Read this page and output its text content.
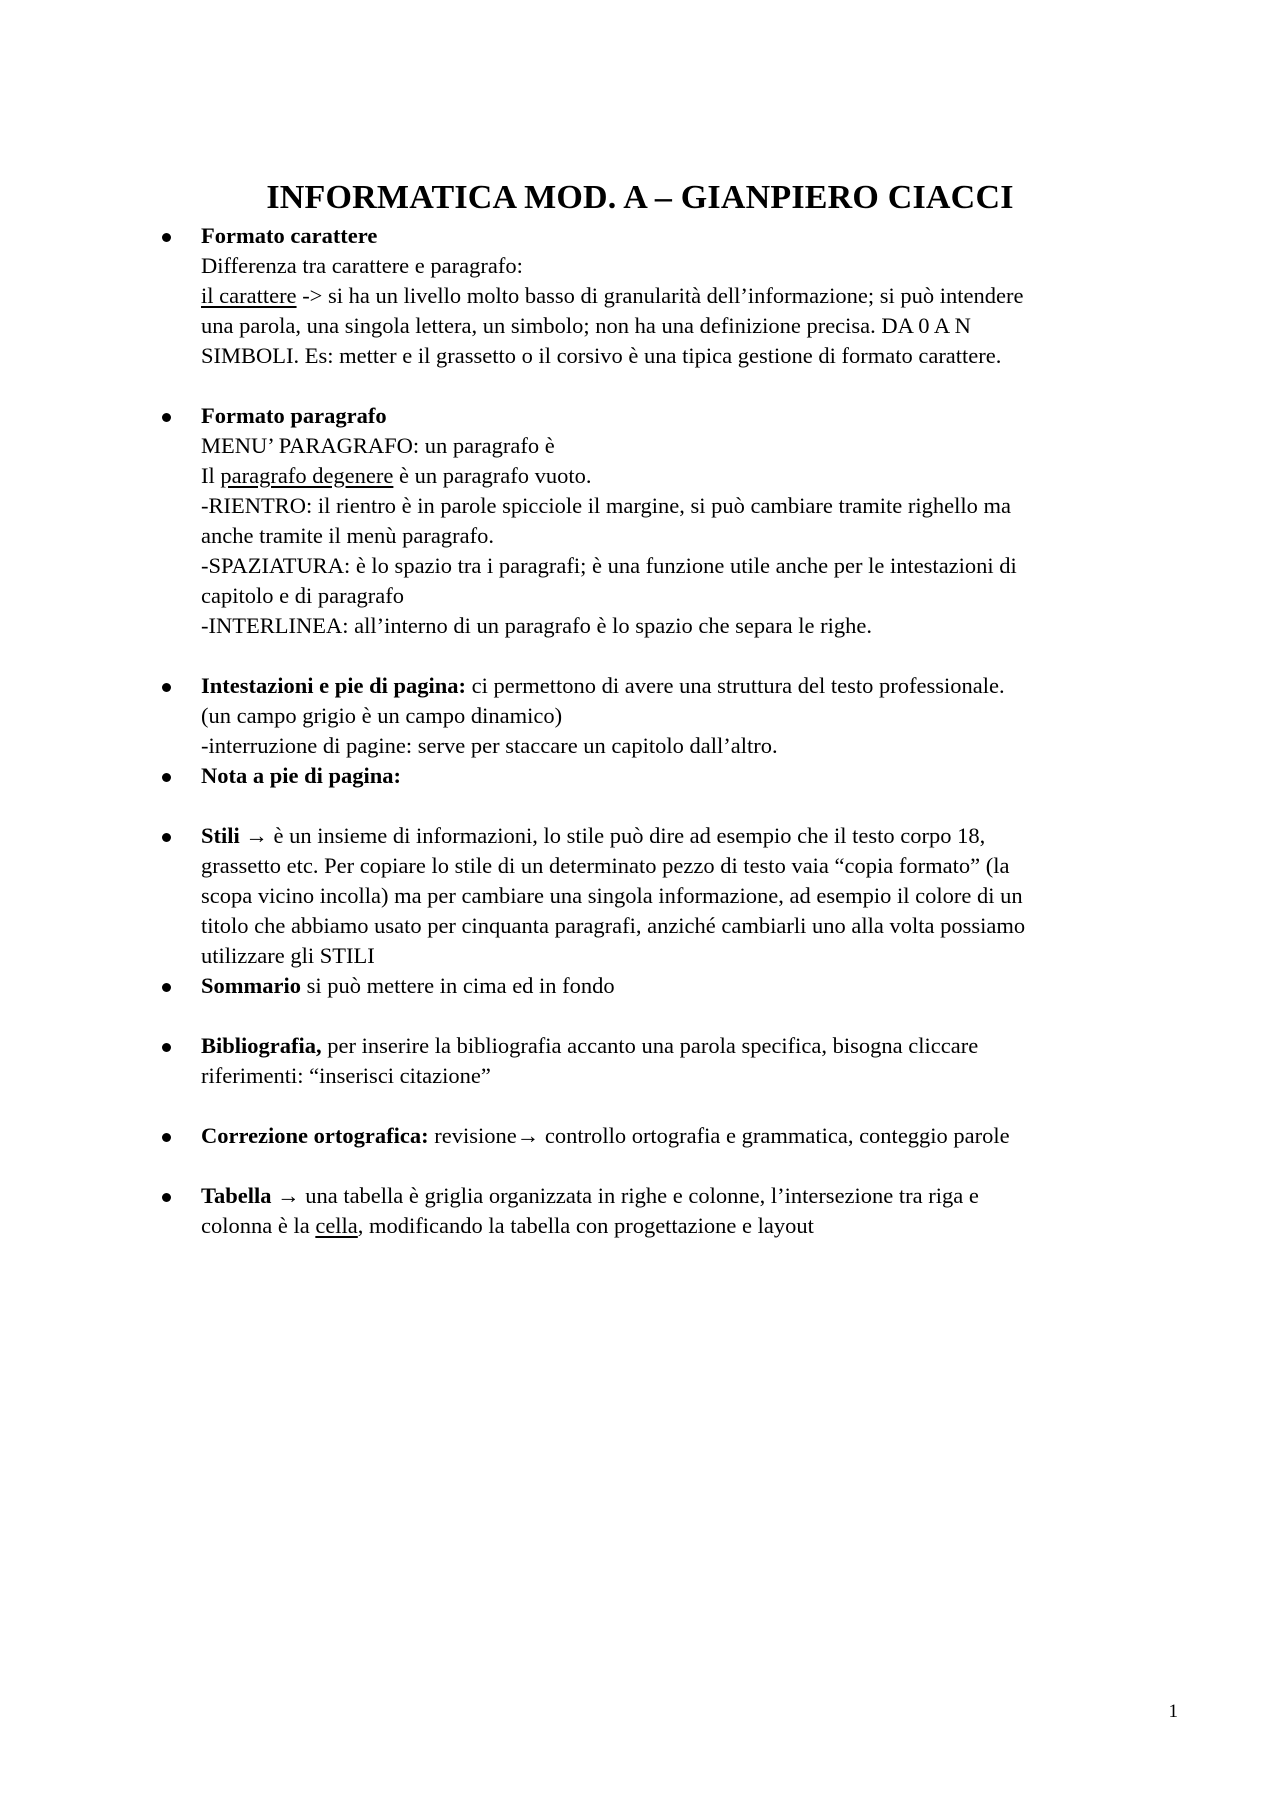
INFORMATICA MOD. A – GIANPIERO CIACCI
Formato carattere
Differenza tra carattere e paragrafo:
il carattere -> si ha un livello molto basso di granularità dell’informazione; si può intendere
una parola, una singola lettera, un simbolo; non ha una definizione precisa. DA 0 A N
SIMBOLI. Es: metter e il grassetto o il corsivo è una tipica gestione di formato carattere.
Formato paragrafo
MENU’ PARAGRAFO: un paragrafo è
Il paragrafo degenere è un paragrafo vuoto.
-RIENTRO: il rientro è in parole spicciole il margine, si può cambiare tramite righello ma
anche tramite il menù paragrafo.
-SPAZIATURA: è lo spazio tra i paragrafi; è una funzione utile anche per le intestazioni di
capitolo e di paragrafo
-INTERLINEA: all’interno di un paragrafo è lo spazio che separa le righe.
Intestazioni e pie di pagina: ci permettono di avere una struttura del testo professionale.
(un campo grigio è un campo dinamico)
-interruzione di pagine: serve per staccare un capitolo dall’altro.
Nota a pie di pagina:
Stili → è un insieme di informazioni, lo stile può dire ad esempio che il testo corpo 18,
grassetto etc. Per copiare lo stile di un determinato pezzo di testo vaia “copia formato” (la
scopa vicino incolla) ma per cambiare una singola informazione, ad esempio il colore di un
titolo che abbiamo usato per cinquanta paragrafi, anziché cambiarli uno alla volta possiamo
utilizzare gli STILI
Sommario si può mettere in cima ed in fondo
Bibliografia, per inserire la bibliografia accanto una parola specifica, bisogna cliccare
riferimenti: “inserisci citazione”
Correzione ortografica: revisione→ controllo ortografia e grammatica, conteggio parole
Tabella → una tabella è griglia organizzata in righe e colonne, l’intersezione tra riga e
colonna è la cella, modificando la tabella con progettazione e layout
1
